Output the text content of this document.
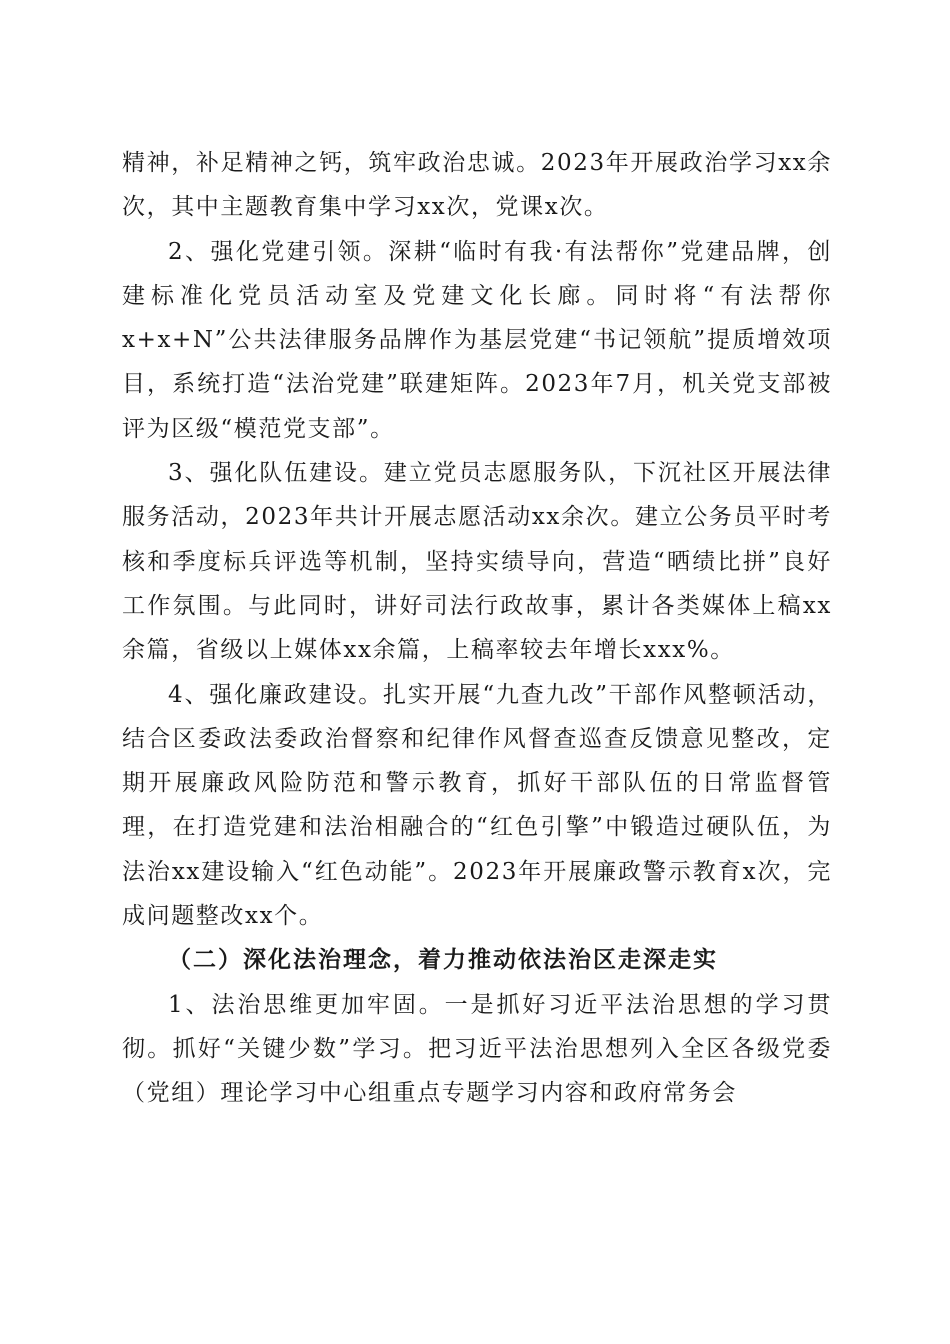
精神，补足精神之钙，筑牢政治忠诚。2023年开展政治学习xx余次，其中主题教育集中学习xx次，党课x次。

2、强化党建引领。深耕“临时有我·有法帮你”党建品牌，创建标准化党员活动室及党建文化长廊。同时将“有法帮你x+x+N”公共法律服务品牌作为基层党建“书记领航”提质增效项目，系统打造“法治党建”联建矩阵。2023年7月，机关党支部被评为区级“模范党支部”。

3、强化队伍建设。建立党员志愿服务队，下沉社区开展法律服务活动，2023年共计开展志愿活动xx余次。建立公务员平时考核和季度标兵评选等机制，坚持实绩导向，营造“晒绩比拼”良好工作氛围。与此同时，讲好司法行政故事，累计各类媒体上稿xx余篇，省级以上媒体xx余篇，上稿率较去年增长xxx%。

4、强化廉政建设。扎实开展“九查九改”干部作风整顿活动，结合区委政法委政治督察和纪律作风督查巡查反馈意见整改，定期开展廉政风险防范和警示教育，抓好干部队伍的日常监督管理，在打造党建和法治相融合的“红色引擎”中锻造过硬队伍，为法治xx建设输入“红色动能”。2023年开展廉政警示教育x次，完成问题整改xx个。

（二）深化法治理念，着力推动依法治区走深走实

1、法治思维更加牢固。一是抓好习近平法治思想的学习贯彻。抓好“关键少数”学习。把习近平法治思想列入全区各级党委（党组）理论学习中心组重点专题学习内容和政府常务会
